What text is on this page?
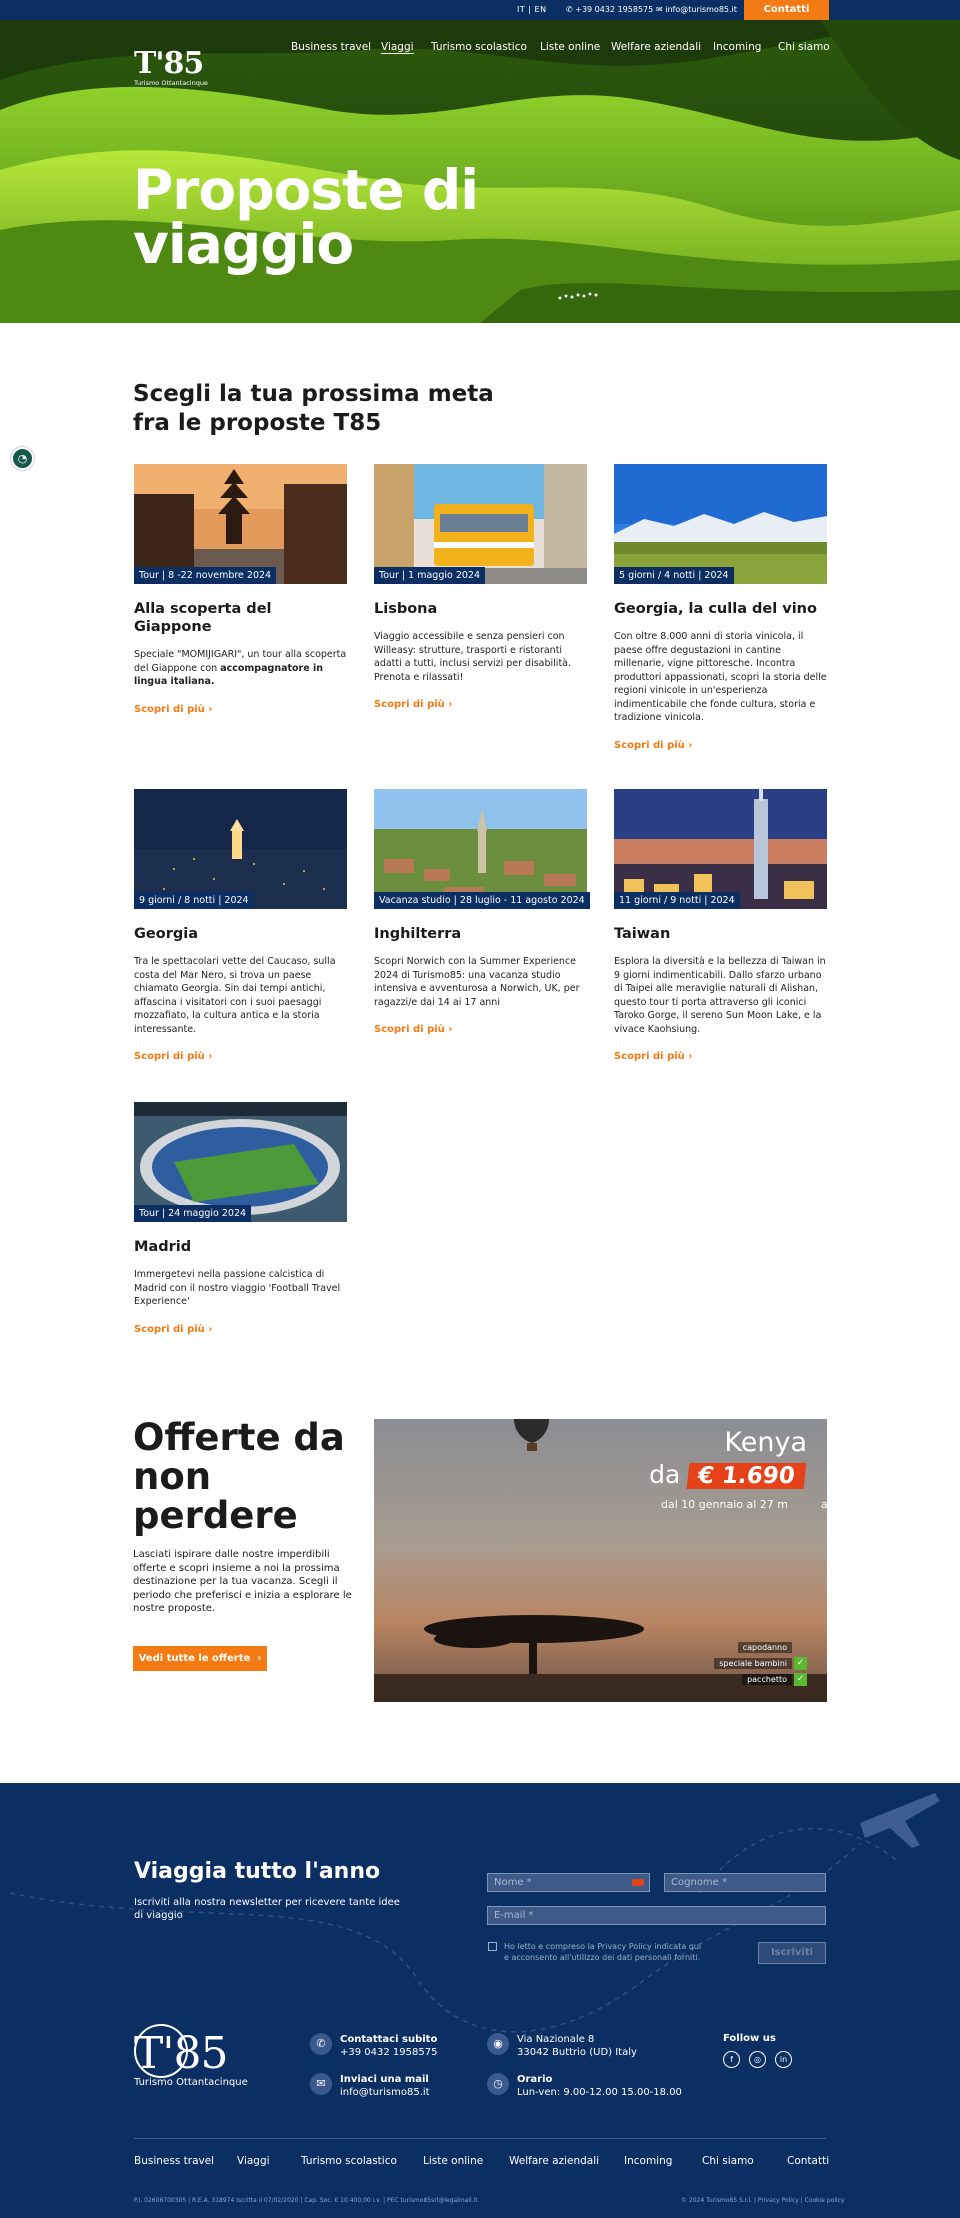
IT | EN ✆ +39 0432 1958575 ✉ info@turismo85.it	Contatti
T'85
Turismo Ottantacinque
Proposte di viaggio
Business travel Viaggi Turismo scolastico Liste online Welfare aziendali Incoming Chi siamo
Scegli la tua prossima meta fra le proposte T85
Tour | 8 -22 novembre 2024
Alla scoperta del Giappone

Speciale "MOMIJIGARI", un tour alla scoperta del Giappone con accompagnatore in lingua italiana.

Scopri di più ›
Tour | 1 maggio 2024
Lisbona

Viaggio accessibile e senza pensieri con Willeasy: strutture, trasporti e ristoranti adatti a tutti, inclusi servizi per disabilità. Prenota e rilassati!

Scopri di più ›
5 giorni / 4 notti | 2024
Georgia, la culla del vino

Con oltre 8.000 anni di storia vinicola, il paese offre degustazioni in cantine millenarie, vigne pittoresche. Incontra produttori appassionati, scopri la storia delle regioni vinicole in un'esperienza indimenticabile che fonde cultura, storia e tradizione vinicola.

Scopri di più ›
9 giorni / 8 notti | 2024
Georgia

Tra le spettacolari vette del Caucaso, sulla costa del Mar Nero, si trova un paese chiamato Georgia. Sin dai tempi antichi, affascina i visitatori con i suoi paesaggi mozzafiato, la cultura antica e la storia interessante.

Scopri di più ›
Vacanza studio | 28 luglio - 11 agosto 2024
Inghilterra

Scopri Norwich con la Summer Experience 2024 di Turismo85: una vacanza studio intensiva e avventurosa a Norwich, UK, per ragazzi/e dai 14 ai 17 anni

Scopri di più ›
11 giorni / 9 notti | 2024
Taiwan

Esplora la diversità e la bellezza di Taiwan in 9 giorni indimenticabili. Dallo sfarzo urbano di Taipei alle meraviglie naturali di Alishan, questo tour ti porta attraverso gli iconici Taroko Gorge, il sereno Sun Moon Lake, e la vivace Kaohsiung.

Scopri di più ›
Tour | 24 maggio 2024
Madrid

Immergetevi nella passione calcistica di Madrid con il nostro viaggio 'Football Travel Experience'

Scopri di più ›
Offerte da non perdere

Lasciati ispirare dalle nostre imperdibili offerte e scopri insieme a noi la prossima destinazione per la tua vacanza. Scegli il periodo che preferisci e inizia a esplorare le nostre proposte.

Vedi tutte le offerte ›
Kenya
da € 1.690
dal 10 gennaio al 27 m	a
capodanno
speciale bambini	✓
pacchetto	✓
Viaggia tutto l'anno

Iscriviti alla nostra newsletter per ricevere tante idee di viaggio

Nome *	Cognome *
E-mail *
Ho letto e compreso la Privacy Policy indicata qui e acconsento all'utilizzo dei dati personali forniti.	Iscriviti
T'85
Turismo Ottantacinque
✆	Contattaci subito
+39 0432 1958575
✉	Inviaci una mail
info@turismo85.it
◉	Via Nazionale 8
33042 Buttrio (UD) Italy
◷	Orario
Lun-ven: 9.00-12.00 15.00-18.00
Follow us
f	◎	in
Business travel Viaggi	Turismo scolastico Liste online Welfare aziendali Incoming	Chi siamo	Contatti
P.I. 02606700305 | R.E.A. 318974 iscritta il 07/02/2020 | Cap. Soc. € 10.400,00 i.v. | PEC turismo85srl@legalmail.it	© 2024 Turismo85 S.r.l. | Privacy Policy | Cookie policy
◔
